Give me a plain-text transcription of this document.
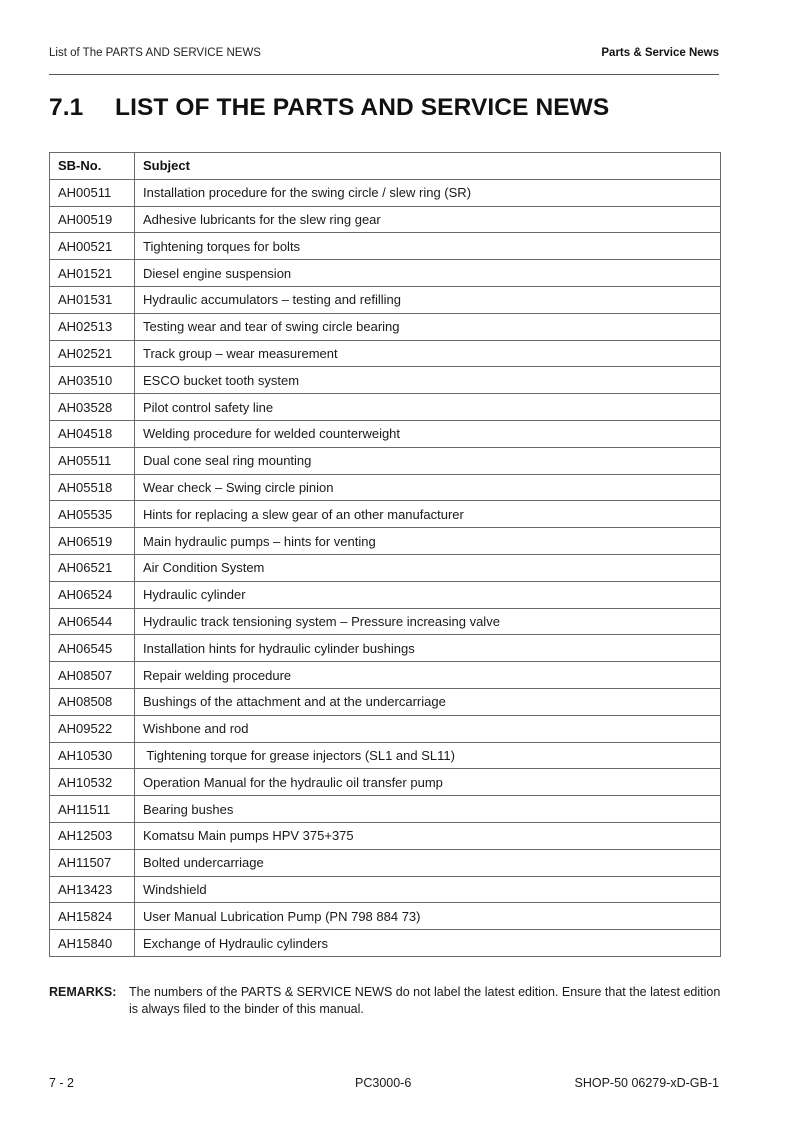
List of The PARTS AND SERVICE NEWS	Parts & Service News
7.1 LIST OF THE PARTS AND SERVICE NEWS
SB-No.	Subject
AH00511	Installation procedure for the swing circle / slew ring (SR)
AH00519	Adhesive lubricants for the slew ring gear
AH00521	Tightening torques for bolts
AH01521	Diesel engine suspension
AH01531	Hydraulic accumulators – testing and refilling
AH02513	Testing wear and tear of swing circle bearing
AH02521	Track group – wear measurement
AH03510	ESCO bucket tooth system
AH03528	Pilot control safety line
AH04518	Welding procedure for welded counterweight
AH05511	Dual cone seal ring mounting
AH05518	Wear check – Swing circle pinion
AH05535	Hints for replacing a slew gear of an other manufacturer
AH06519	Main hydraulic pumps – hints for venting
AH06521	Air Condition System
AH06524	Hydraulic cylinder
AH06544	Hydraulic track tensioning system – Pressure increasing valve
AH06545	Installation hints for hydraulic cylinder bushings
AH08507	Repair welding procedure
AH08508	Bushings of the attachment and at the undercarriage
AH09522	Wishbone and rod
AH10530	Tightening torque for grease injectors (SL1 and SL11)
AH10532	Operation Manual for the hydraulic oil transfer pump
AH11511	Bearing bushes
AH12503	Komatsu Main pumps HPV 375+375
AH11507	Bolted undercarriage
AH13423	Windshield
AH15824	User Manual Lubrication Pump (PN 798 884 73)
AH15840	Exchange of Hydraulic cylinders
REMARKS: The numbers of the PARTS & SERVICE NEWS do not label the latest edition. Ensure that the latest edition is always filed to the binder of this manual.
7 - 2	PC3000-6	SHOP-50 06279-xD-GB-1
